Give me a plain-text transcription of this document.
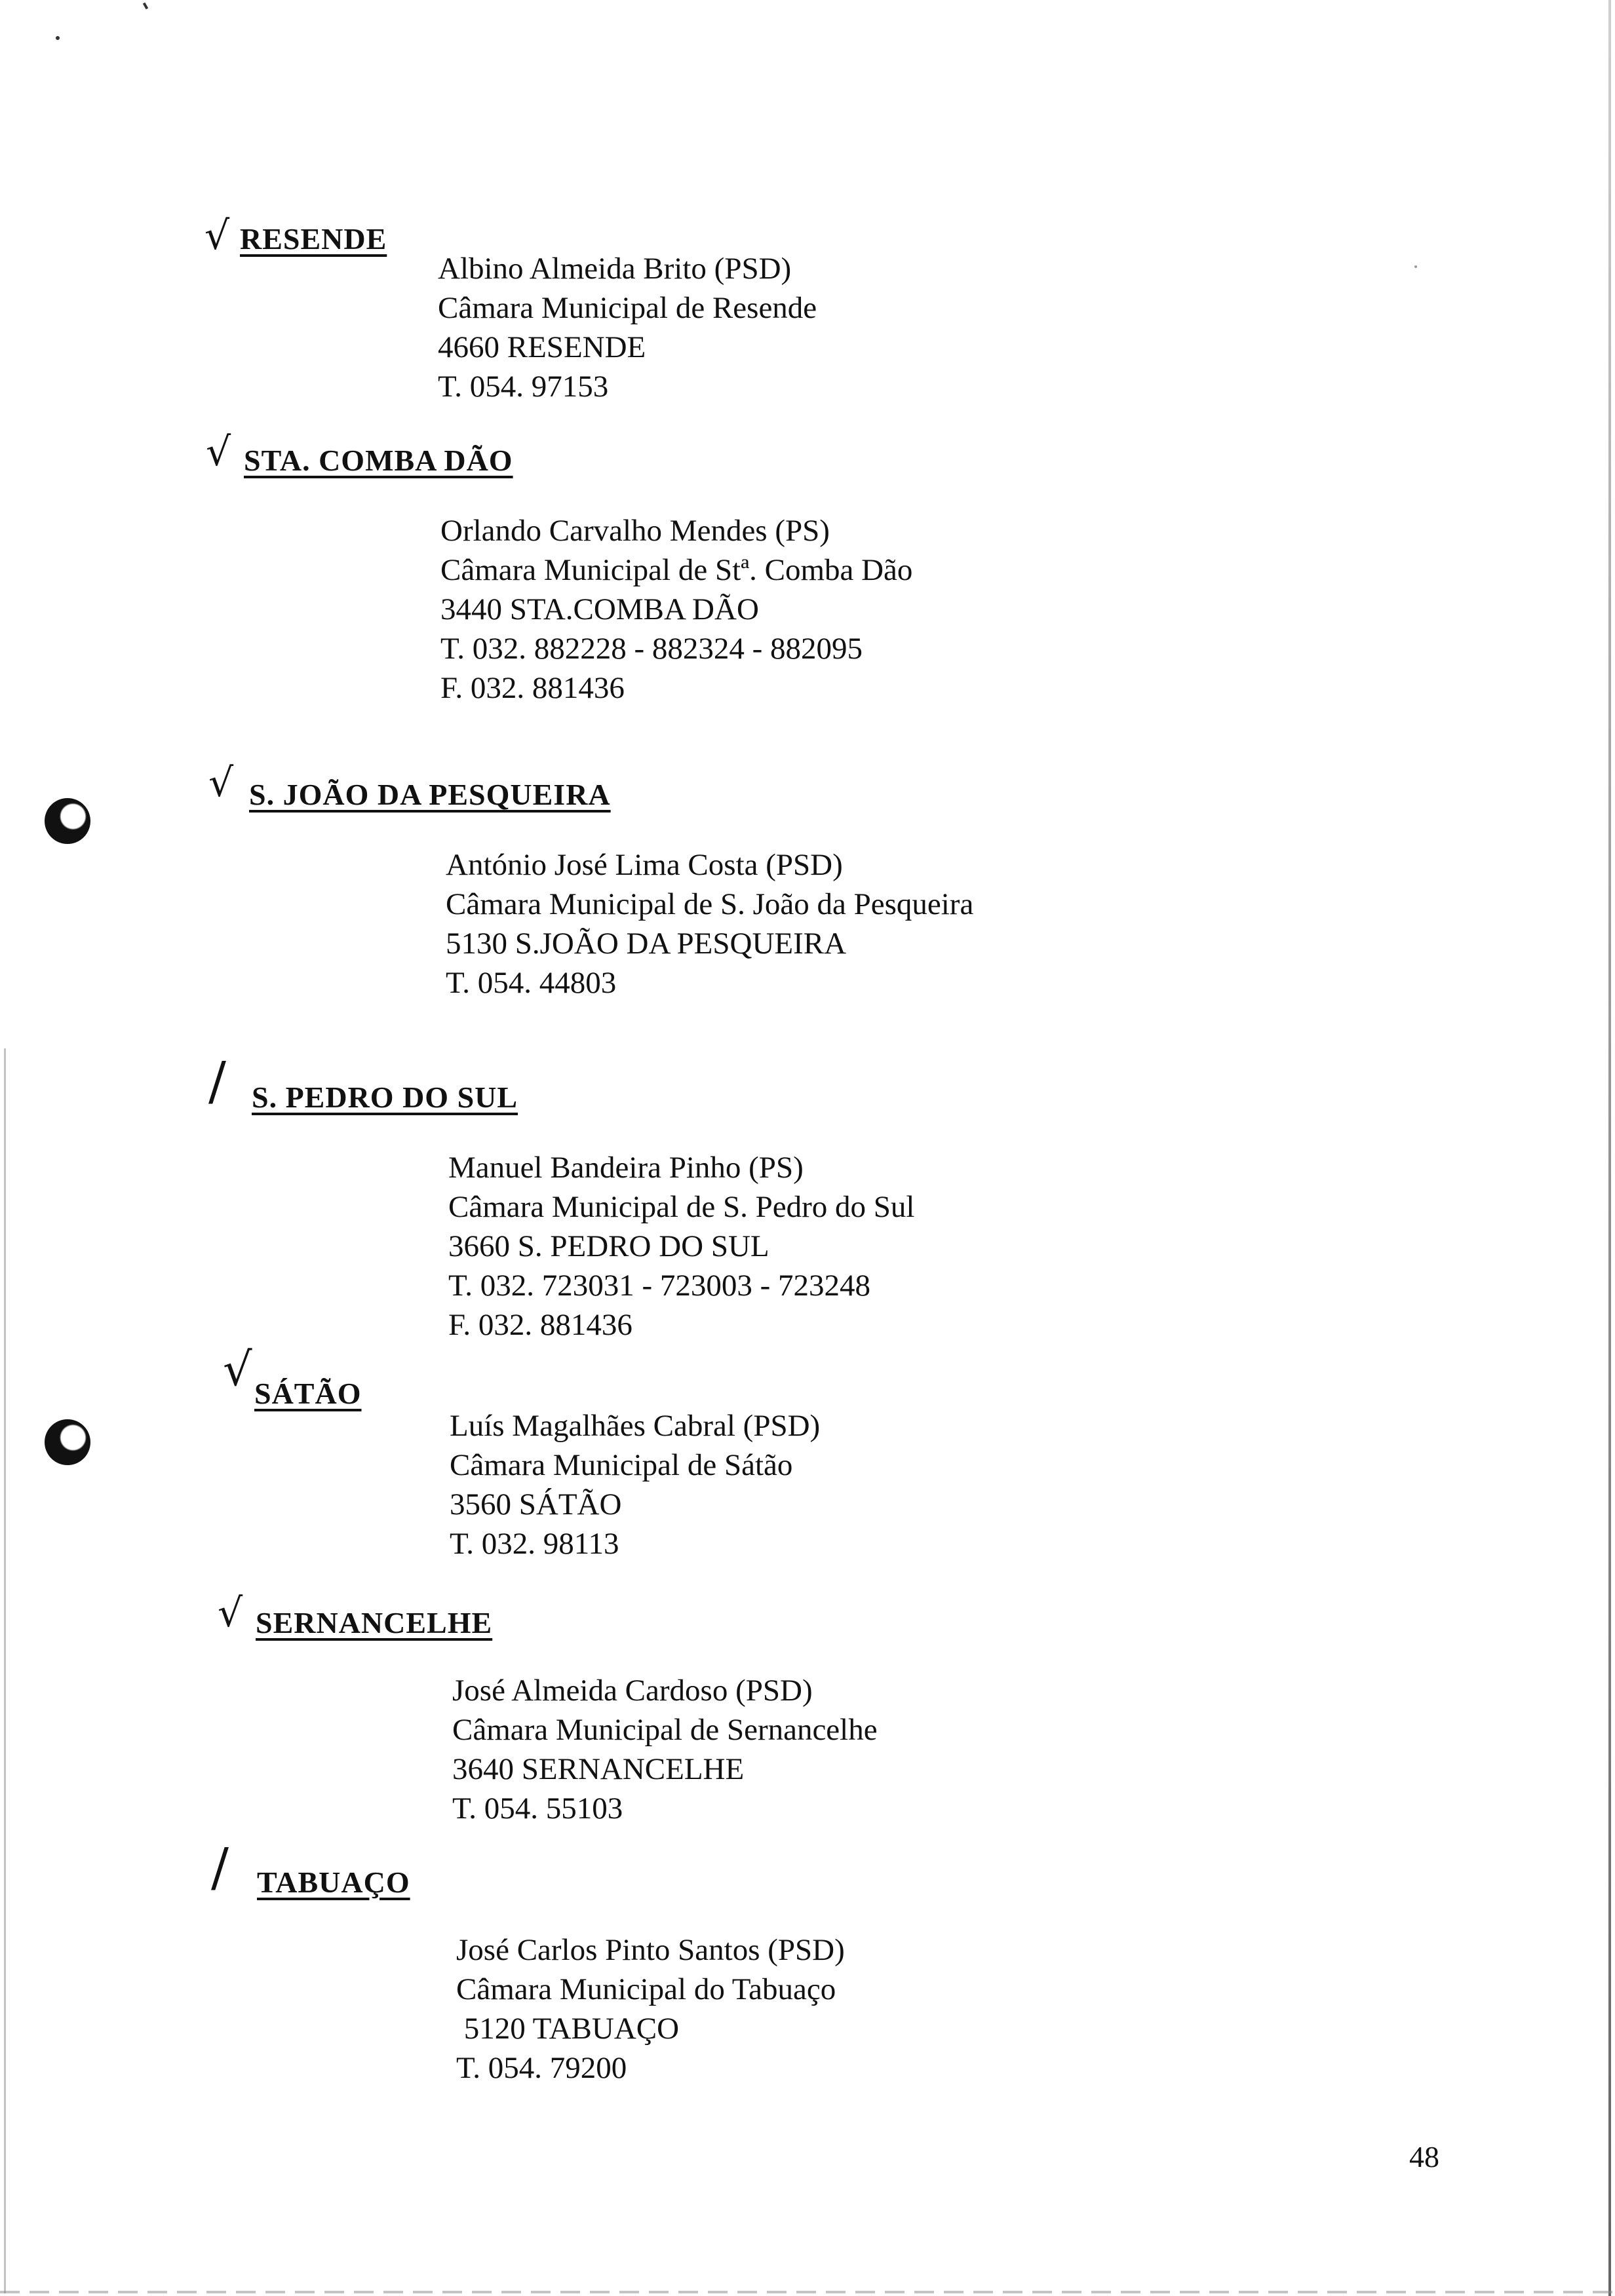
√ RESENDE
Albino Almeida Brito (PSD)
Câmara Municipal de Resende
4660 RESENDE
T. 054. 97153
√ STA. COMBA DÃO
Orlando Carvalho Mendes (PS)
Câmara Municipal de Stª. Comba Dão
3440 STA.COMBA DÃO
T. 032. 882228 - 882324 - 882095
F. 032. 881436
√ S. JOÃO DA PESQUEIRA
António José Lima Costa (PSD)
Câmara Municipal de S. João da Pesqueira
5130 S.JOÃO DA PESQUEIRA
T. 054. 44803
/ S. PEDRO DO SUL
Manuel Bandeira Pinho (PS)
Câmara Municipal de S. Pedro do Sul
3660 S. PEDRO DO SUL
T. 032. 723031 - 723003 - 723248
F. 032. 881436
√ SÁTÃO
Luís Magalhães Cabral (PSD)
Câmara Municipal de Sátão
3560 SÁTÃO
T. 032. 98113
√ SERNANCELHE
José Almeida Cardoso (PSD)
Câmara Municipal de Sernancelhe
3640 SERNANCELHE
T. 054. 55103
/ TABUAÇO
José Carlos Pinto Santos (PSD)
Câmara Municipal do Tabuaço
5120 TABUAÇO
T. 054. 79200
48
